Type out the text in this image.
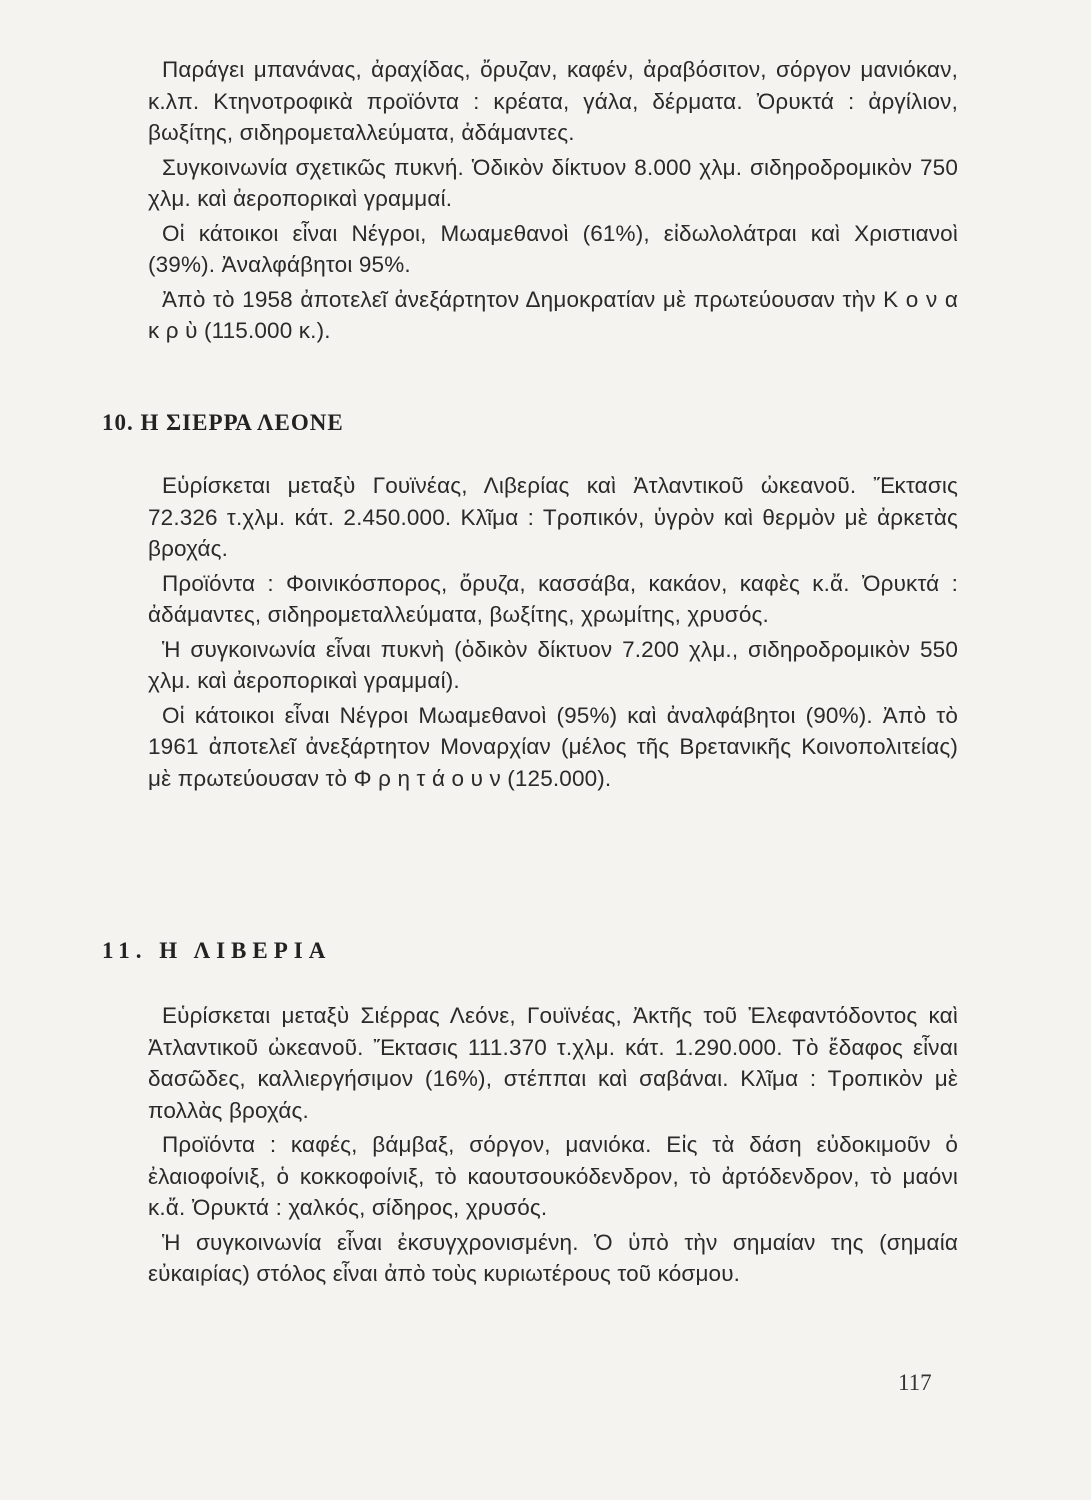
Παράγει μπανάνας, ἀραχίδας, ὄρυζαν, καφέν, ἀραβόσιτον, σόργον μανιόκαν, κ.λπ. Κτηνοτροφικὰ προϊόντα : κρέατα, γάλα, δέρματα. Ὀρυκτά : ἀργίλιον, βωξίτης, σιδηρομεταλλεύματα, ἀδάμαντες.

Συγκοινωνία σχετικῶς πυκνή. Ὁδικὸν δίκτυον 8.000 χλμ. σιδηροδρομικὸν 750 χλμ. καὶ ἀεροπορικαὶ γραμμαί.

Οἱ κάτοικοι εἶναι Νέγροι, Μωαμεθανοὶ (61%), εἰδωλολάτραι καὶ Χριστιανοὶ (39%). Ἀναλφάβητοι 95%.

Ἀπὸ τὸ 1958 ἀποτελεῖ ἀνεξάρτητον Δημοκρατίαν μὲ πρωτεύουσαν τὴν Κ ο ν α κ ρ ὺ (115.000 κ.).

10. Η ΣΙΕΡΡΑ ΛΕΟΝΕ

Εὑρίσκεται μεταξὺ Γουϊνέας, Λιβερίας καὶ Ἀτλαντικοῦ ὠκεανοῦ. Ἔκτασις 72.326 τ.χλμ. κάτ. 2.450.000. Κλῖμα : Τροπικόν, ὑγρὸν καὶ θερμὸν μὲ ἀρκετὰς βροχάς.

Προϊόντα : Φοινικόσπορος, ὄρυζα, κασσάβα, κακάον, καφὲς κ.ἄ. Ὀρυκτά : ἀδάμαντες, σιδηρομεταλλεύματα, βωξίτης, χρωμίτης, χρυσός.

Ἡ συγκοινωνία εἶναι πυκνὴ (ὁδικὸν δίκτυον 7.200 χλμ., σιδηροδρομικὸν 550 χλμ. καὶ ἀεροπορικαὶ γραμμαί).

Οἱ κάτοικοι εἶναι Νέγροι Μωαμεθανοὶ (95%) καὶ ἀναλφάβητοι (90%). Ἀπὸ τὸ 1961 ἀποτελεῖ ἀνεξάρτητον Μοναρχίαν (μέλος τῆς Βρετανικῆς Κοινοπολιτείας) μὲ πρωτεύουσαν τὸ Φ ρ η τ ά ο υ ν (125.000).

11. Η ΛΙΒΕΡΙΑ

Εὑρίσκεται μεταξὺ Σιέρρας Λεόνε, Γουϊνέας, Ἀκτῆς τοῦ Ἐλεφαντόδοντος καὶ Ἀτλαντικοῦ ὠκεανοῦ. Ἔκτασις 111.370 τ.χλμ. κάτ. 1.290.000. Τὸ ἔδαφος εἶναι δασῶδες, καλλιεργήσιμον (16%), στέππαι καὶ σαβάναι. Κλῖμα : Τροπικὸν μὲ πολλὰς βροχάς.

Προϊόντα : καφές, βάμβαξ, σόργον, μανιόκα. Εἰς τὰ δάση εὐδοκιμοῦν ὁ ἐλαιοφοίνιξ, ὁ κοκκοφοίνιξ, τὸ καουτσουκόδενδρον, τὸ ἀρτόδενδρον, τὸ μαόνι κ.ἄ. Ὀρυκτά : χαλκός, σίδηρος, χρυσός.

Ἡ συγκοινωνία εἶναι ἐκσυγχρονισμένη. Ὁ ὑπὸ τὴν σημαίαν της (σημαία εὐκαιρίας) στόλος εἶναι ἀπὸ τοὺς κυριωτέρους τοῦ κόσμου.

117
